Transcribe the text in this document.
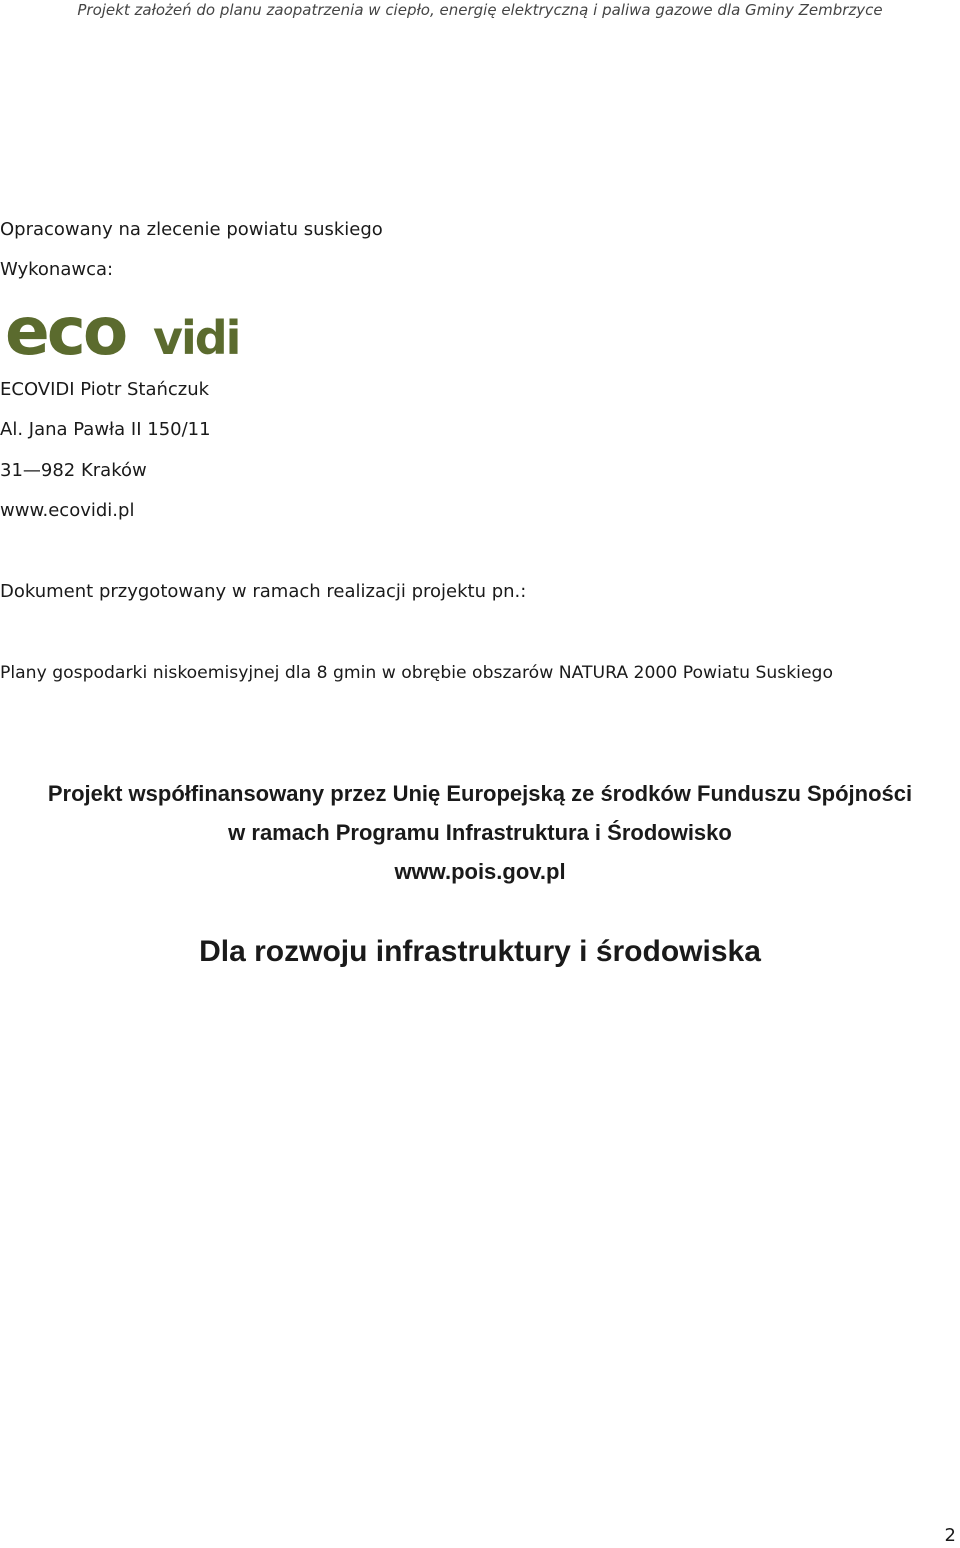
Projekt założeń do planu zaopatrzenia w ciepło, energię elektryczną i paliwa gazowe dla Gminy Zembrzyce
Opracowany na zlecenie powiatu suskiego
Wykonawca:
eco vidi
ECOVIDI Piotr Stańczuk
Al. Jana Pawła II 150/11
31—982 Kraków
www.ecovidi.pl
Dokument przygotowany w ramach realizacji projektu pn.:
Plany gospodarki niskoemisyjnej dla 8 gmin w obrębie obszarów NATURA 2000 Powiatu Suskiego
Projekt współfinansowany przez Unię Europejską ze środków Funduszu Spójności
w ramach Programu Infrastruktura i Środowisko
www.pois.gov.pl
Dla rozwoju infrastruktury i środowiska
2
